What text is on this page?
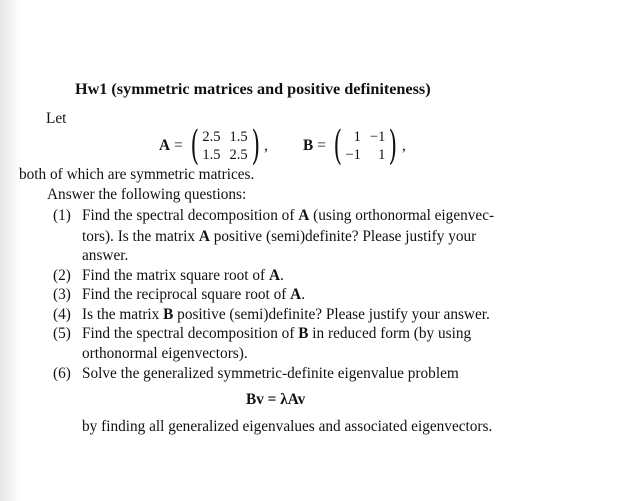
Hw1 (symmetric matrices and positive definiteness)
Let
A = ( 2.5 1.5
1.5 2.5 ) , B = ( 1 −1
−1	1 ) ,
both of which are symmetric matrices.
Answer the following questions:
(1) Find the spectral decomposition of A (using orthonormal eigenvec-
tors). Is the matrix A positive (semi)definite? Please justify your
answer.
(2) Find the matrix square root of A.
(3) Find the reciprocal square root of A.
(4) Is the matrix B positive (semi)definite? Please justify your answer.
(5) Find the spectral decomposition of B in reduced form (by using
orthonormal eigenvectors).
(6) Solve the generalized symmetric-definite eigenvalue problem
Bv = λAv
by finding all generalized eigenvalues and associated eigenvectors.
